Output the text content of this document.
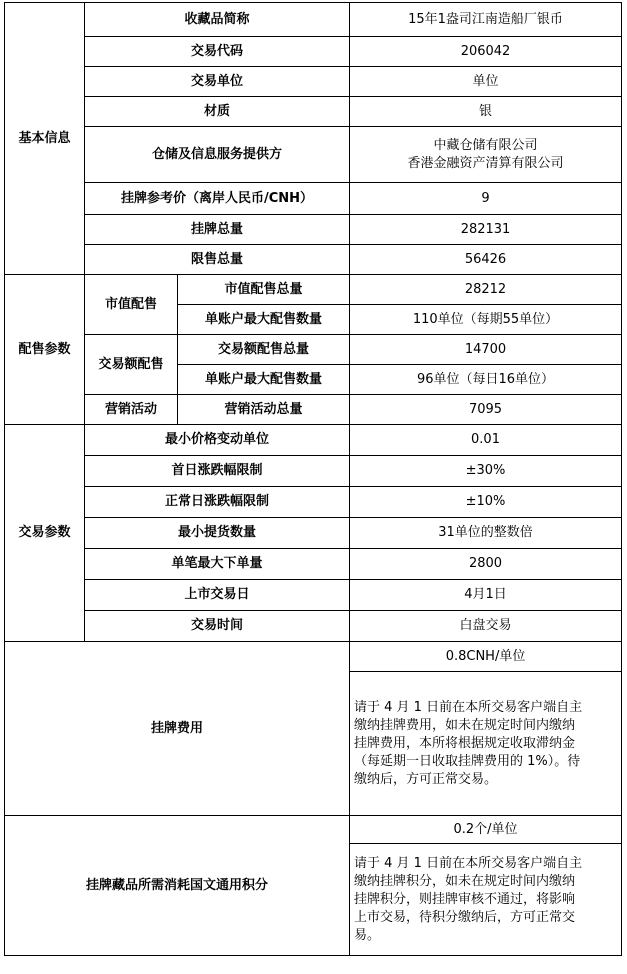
基本信息	收藏品简称		15年1盎司江南造船厂银币
	交易代码		206042
	交易单位		单位
	材质		银
	仓储及信息服务提供方		中藏仓储有限公司
香港金融资产清算有限公司

	挂牌参考价（离岸人民币/CNH）		9
	挂牌总量		282131
	限售总量		56426
配售参数	市值配售	市值配售总量	28212
		单账户最大配售数量	110单位（每期55单位）
	交易额配售	交易额配售总量	14700
		单账户最大配售数量	96单位（每日16单位）
	营销活动	营销活动总量	7095
交易参数	最小价格变动单位		0.01
	首日涨跌幅限制		±30%
	正常日涨跌幅限制		±10%
	最小提货数量		31单位的整数倍
	单笔最大下单量		2800
	上市交易日		4月1日
	交易时间		白盘交易
挂牌费用			0.8CNH/单位

			请于 4 月 1 日前在本所交易客户端自主
缴纳挂牌费用，如未在规定时间内缴纳
挂牌费用，本所将根据规定收取滞纳金
（每延期一日收取挂牌费用的 1%）。待
缴纳后，方可正常交易。

挂牌藏品所需消耗国文通用积分			0.2个/单位

			请于 4 月 1 日前在本所交易客户端自主
缴纳挂牌积分，如未在规定时间内缴纳
挂牌积分，则挂牌审核不通过，将影响
上市交易，待积分缴纳后，方可正常交
易。
